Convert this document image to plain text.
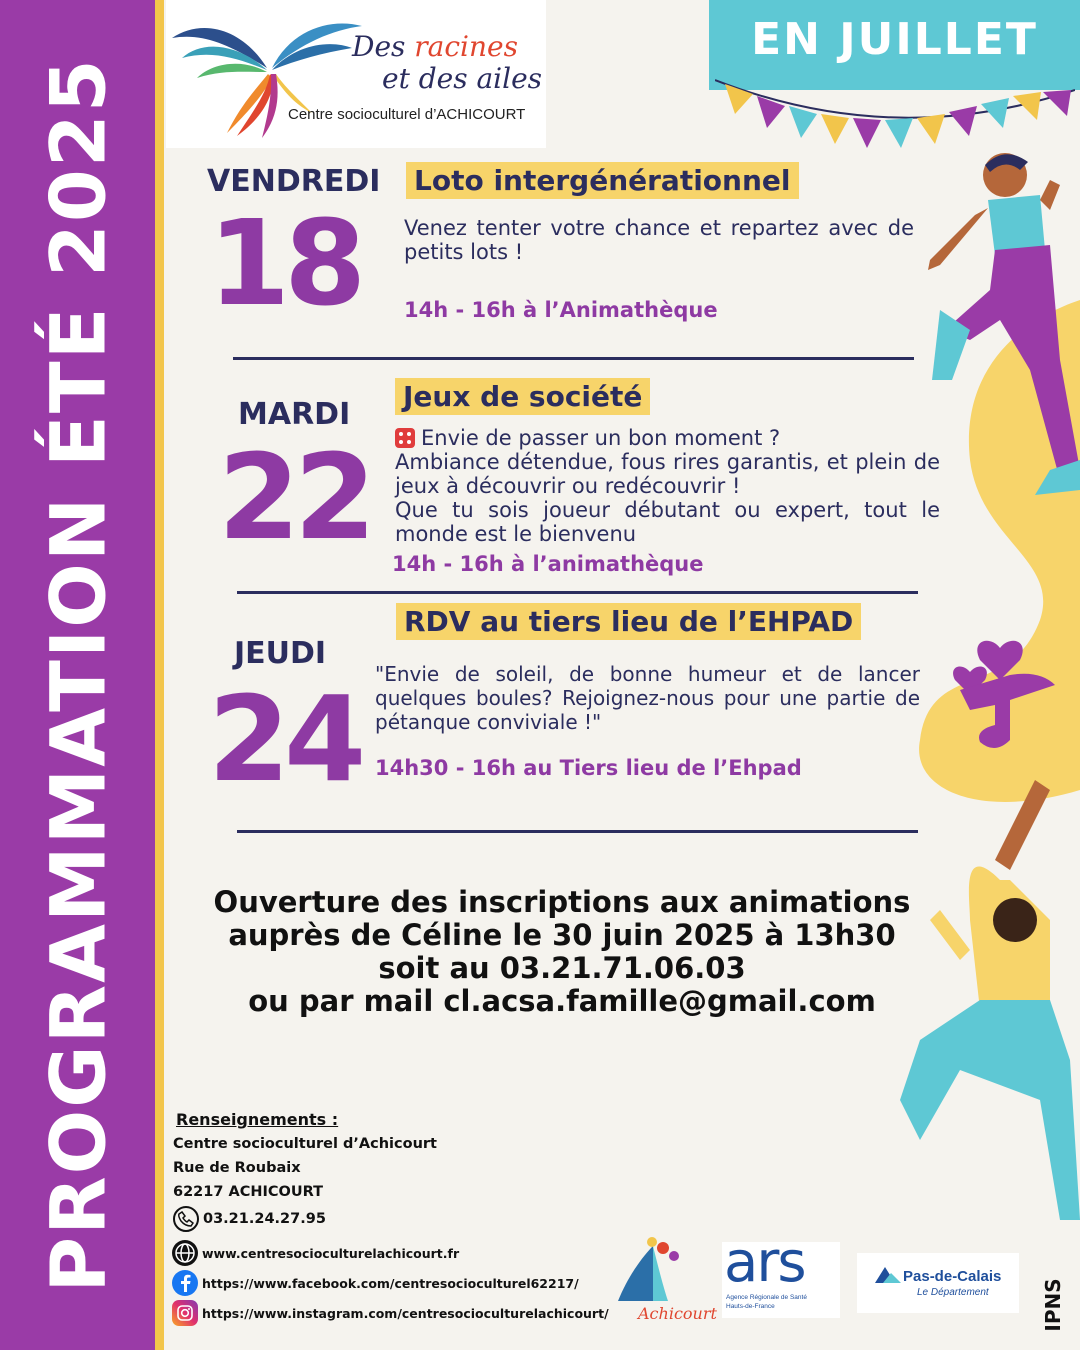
PROGRAMMATION ÉTÉ 2025
Des racines
et des ailes
Centre socioculturel d’ACHICOURT
EN JUILLET
VENDREDI
18
Loto intergénérationnel
Venez tenter votre chance et repartez avec de petits lots !
14h - 16h à l’Animathèque
MARDI
22
Jeux de société
Envie de passer un bon moment ?
Ambiance détendue, fous rires garantis, et plein de jeux à découvrir ou redécouvrir !
Que tu sois joueur débutant ou expert, tout le monde est le bienvenu
14h - 16h à l’animathèque
JEUDI
24
RDV au tiers lieu de l’EHPAD
"Envie de soleil, de bonne humeur et de lancer quelques boules? Rejoignez-nous pour une partie de pétanque conviviale !"
14h30 - 16h au Tiers lieu de l’Ehpad
Ouverture des inscriptions aux animations
auprès de Céline le 30 juin 2025 à 13h30
soit au 03.21.71.06.03
ou par mail cl.acsa.famille@gmail.com
Renseignements :
Centre socioculturel d’Achicourt
Rue de Roubaix
62217 ACHICOURT
03.21.24.27.95
www.centresocioculturelachicourt.fr
https://www.facebook.com/centresocioculturel62217/
https://www.instagram.com/centresocioculturelachicourt/ Achicourt
ars
Agence Régionale de Santé
Hauts-de-France
Pas-de-Calais
Le Département	IPNS
